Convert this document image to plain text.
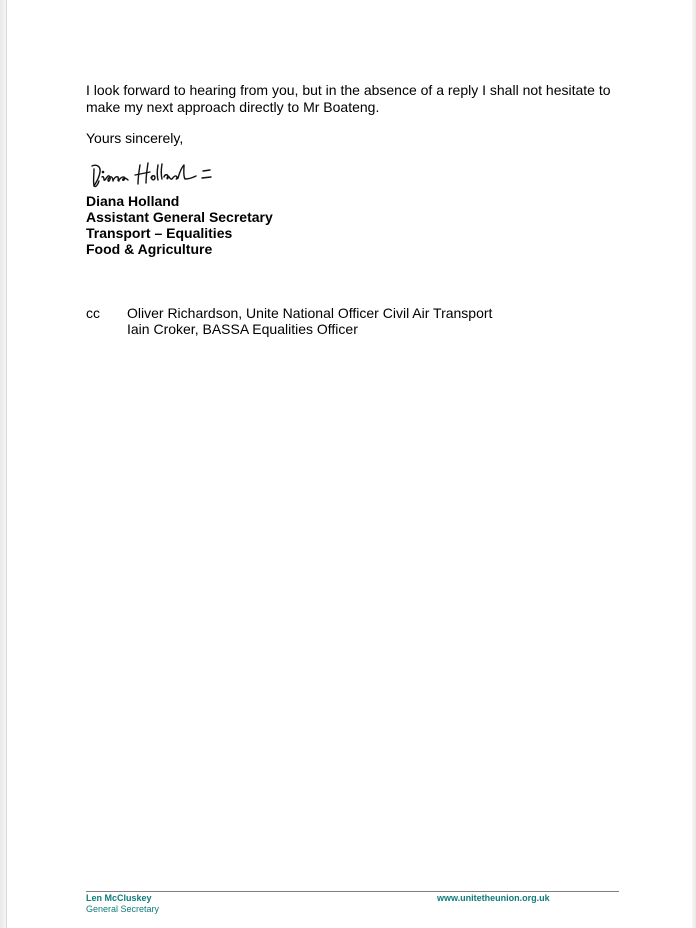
I look forward to hearing from you, but in the absence of a reply I shall not hesitate to make my next approach directly to Mr Boateng.

Yours sincerely,

Diana Holland
Assistant General Secretary
Transport – Equalities
Food & Agriculture
cc Oliver Richardson, Unite National Officer Civil Air Transport
Iain Croker, BASSA Equalities Officer
Len McCluskey
General Secretary
www.unitetheunion.org.uk
